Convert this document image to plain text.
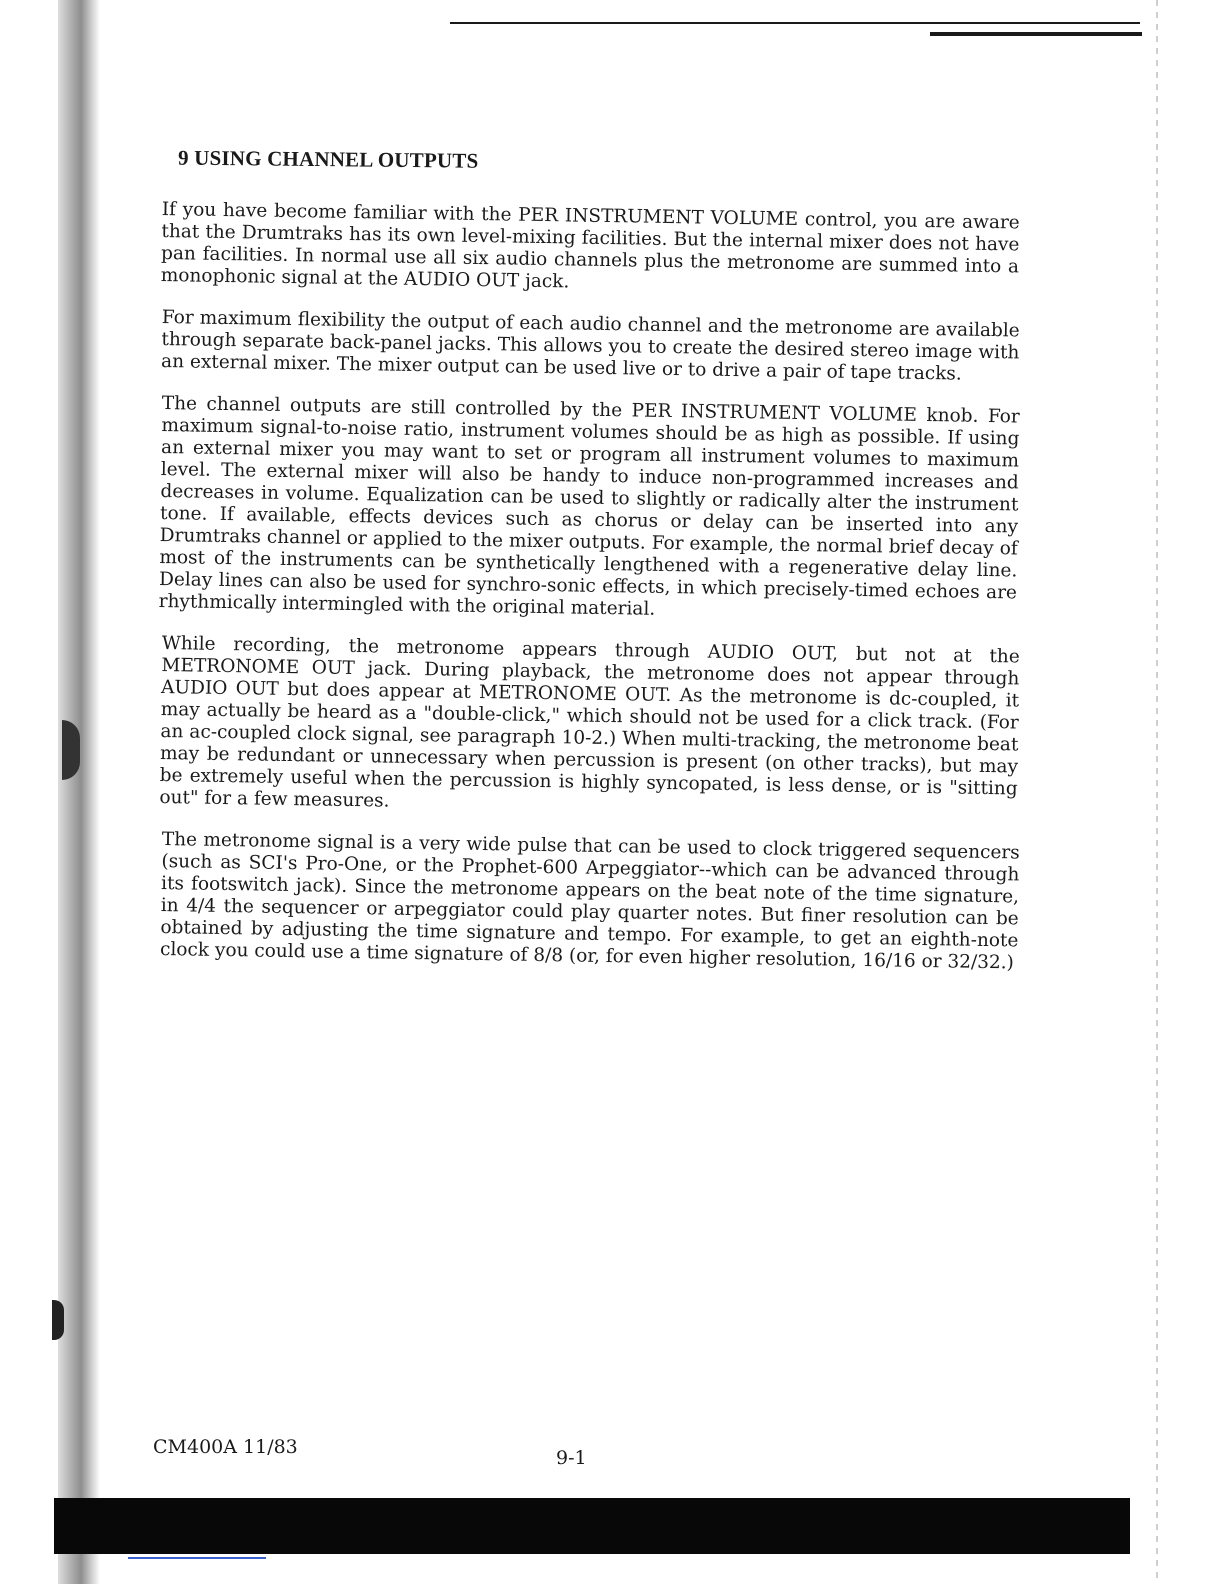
9 USING CHANNEL OUTPUTS

If you have become familiar with the PER INSTRUMENT VOLUME control, you are aware that the Drumtraks has its own level-mixing facilities. But the internal mixer does not have pan facilities. In normal use all six audio channels plus the metronome are summed into a monophonic signal at the AUDIO OUT jack.

For maximum flexibility the output of each audio channel and the metronome are available through separate back-panel jacks. This allows you to create the desired stereo image with an external mixer. The mixer output can be used live or to drive a pair of tape tracks.

The channel outputs are still controlled by the PER INSTRUMENT VOLUME knob. For maximum signal-to-noise ratio, instrument volumes should be as high as possible. If using an external mixer you may want to set or program all instrument volumes to maximum level. The external mixer will also be handy to induce non-programmed increases and decreases in volume. Equalization can be used to slightly or radically alter the instrument tone. If available, effects devices such as chorus or delay can be inserted into any Drumtraks channel or applied to the mixer outputs. For example, the normal brief decay of most of the instruments can be synthetically lengthened with a regenerative delay line. Delay lines can also be used for synchro-sonic effects, in which precisely-timed echoes are rhythmically intermingled with the original material.

While recording, the metronome appears through AUDIO OUT, but not at the METRONOME OUT jack. During playback, the metronome does not appear through AUDIO OUT but does appear at METRONOME OUT. As the metronome is dc-coupled, it may actually be heard as a "double-click," which should not be used for a click track. (For an ac-coupled clock signal, see paragraph 10-2.) When multi-tracking, the metronome beat may be redundant or unnecessary when percussion is present (on other tracks), but may be extremely useful when the percussion is highly syncopated, is less dense, or is "sitting out" for a few measures.

The metronome signal is a very wide pulse that can be used to clock triggered sequencers (such as SCI's Pro-One, or the Prophet-600 Arpeggiator--which can be advanced through its footswitch jack). Since the metronome appears on the beat note of the time signature, in 4/4 the sequencer or arpeggiator could play quarter notes. But finer resolution can be obtained by adjusting the time signature and tempo. For example, to get an eighth-note clock you could use a time signature of 8/8 (or, for even higher resolution, 16/16 or 32/32.)

CM400A 11/83	9-1
